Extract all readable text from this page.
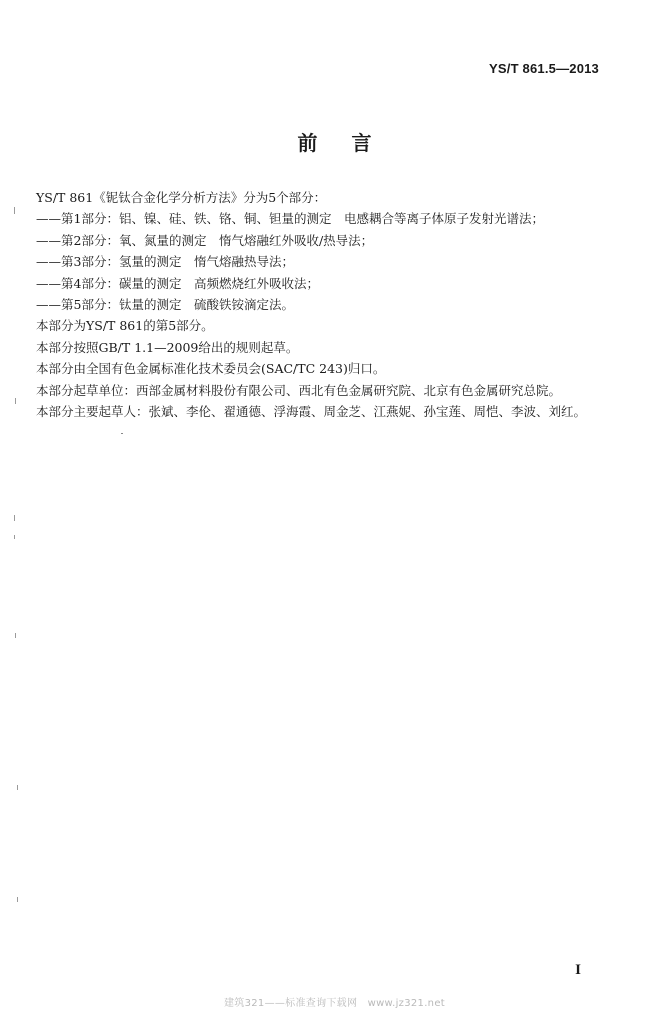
YS/T 861.5—2013
前言
YS/T 861《铌钛合金化学分析方法》分为5个部分：
——第1部分：铝、镍、硅、铁、铬、铜、钽量的测定　电感耦合等离子体原子发射光谱法；
——第2部分：氧、氮量的测定　惰气熔融红外吸收/热导法；
——第3部分：氢量的测定　惰气熔融热导法；
——第4部分：碳量的测定　高频燃烧红外吸收法；
——第5部分：钛量的测定　硫酸铁铵滴定法。
本部分为YS/T 861的第5部分。
本部分按照GB/T 1.1—2009给出的规则起草。
本部分由全国有色金属标准化技术委员会(SAC/TC 243)归口。
本部分起草单位：西部金属材料股份有限公司、西北有色金属研究院、北京有色金属研究总院。
本部分主要起草人：张斌、李伦、翟通德、浮海霞、周金芝、江燕妮、孙宝莲、周恺、李波、刘红。
I
建筑321——标准查询下载网　www.jz321.net
